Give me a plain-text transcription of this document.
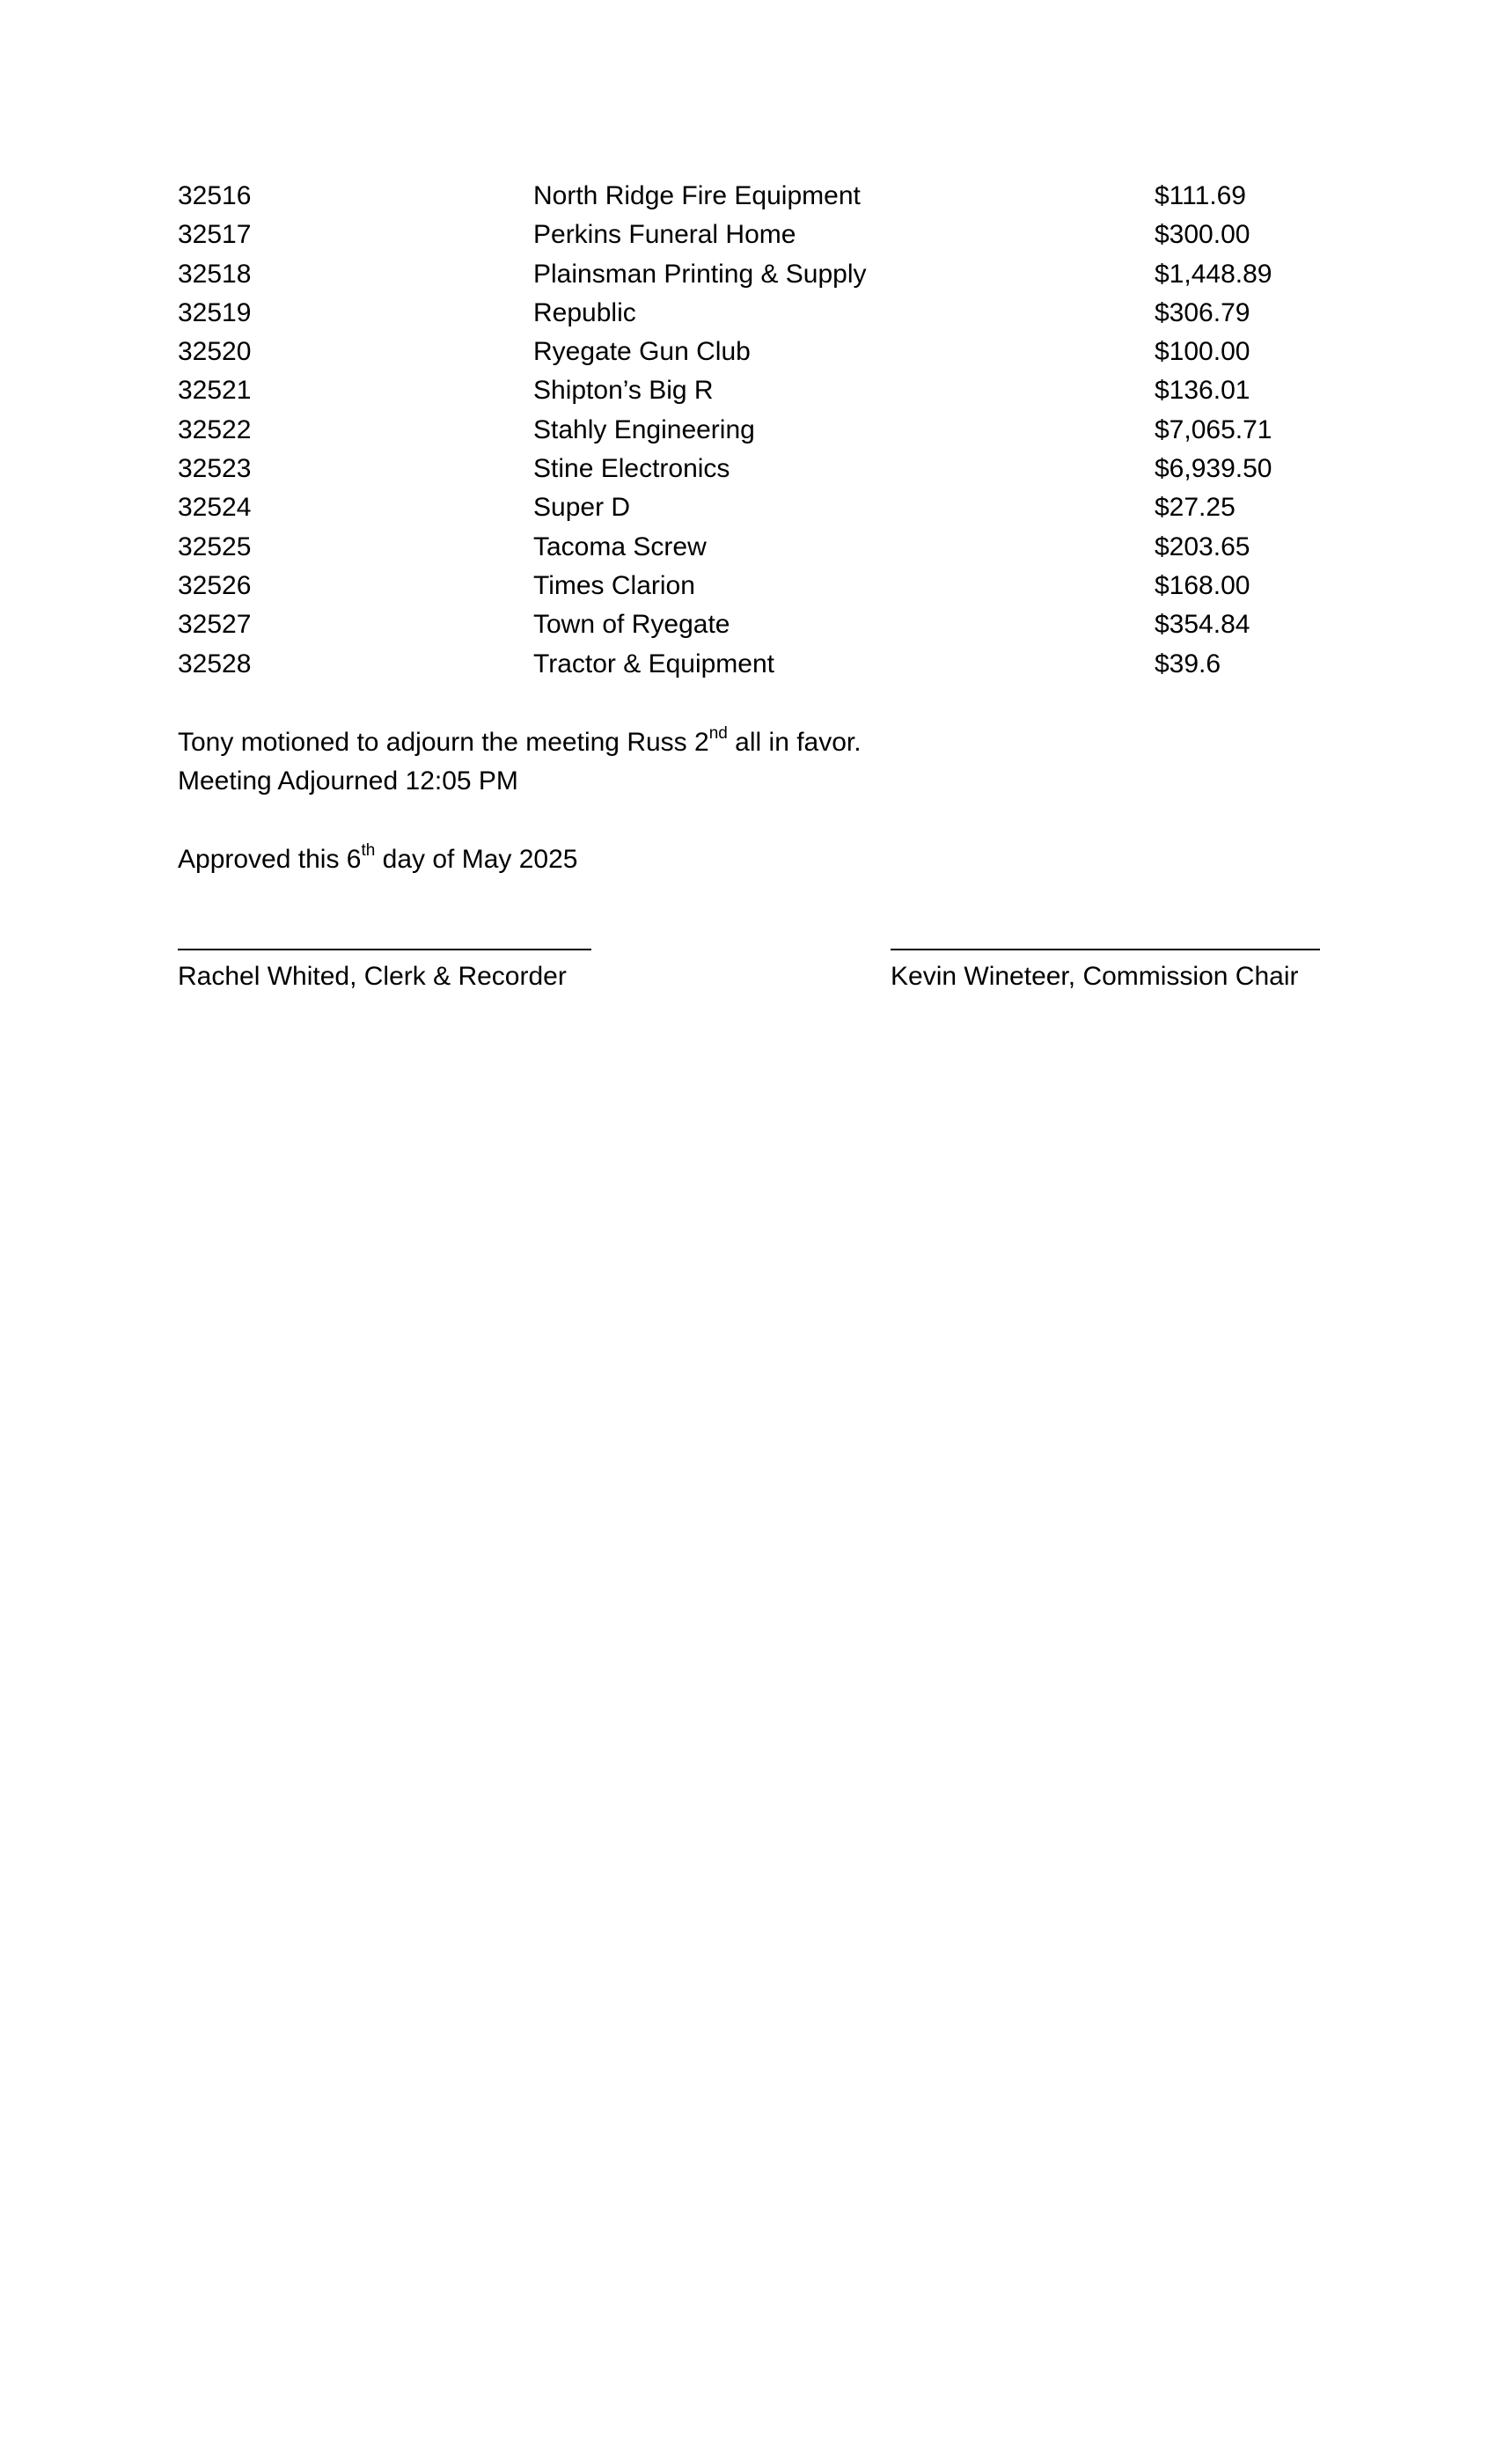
32516	North Ridge Fire Equipment	$111.69
32517	Perkins Funeral Home	$300.00
32518	Plainsman Printing & Supply	$1,448.89
32519	Republic	$306.79
32520	Ryegate Gun Club	$100.00
32521	Shipton’s Big R	$136.01
32522	Stahly Engineering	$7,065.71
32523	Stine Electronics	$6,939.50
32524	Super D	$27.25
32525	Tacoma Screw	$203.65
32526	Times Clarion	$168.00
32527	Town of Ryegate	$354.84
32528	Tractor & Equipment	$39.6
Tony motioned to adjourn the meeting Russ 2nd all in favor.
Meeting Adjourned 12:05 PM
Approved this 6th day of May 2025
Rachel Whited, Clerk & Recorder	Kevin Wineteer, Commission Chair
